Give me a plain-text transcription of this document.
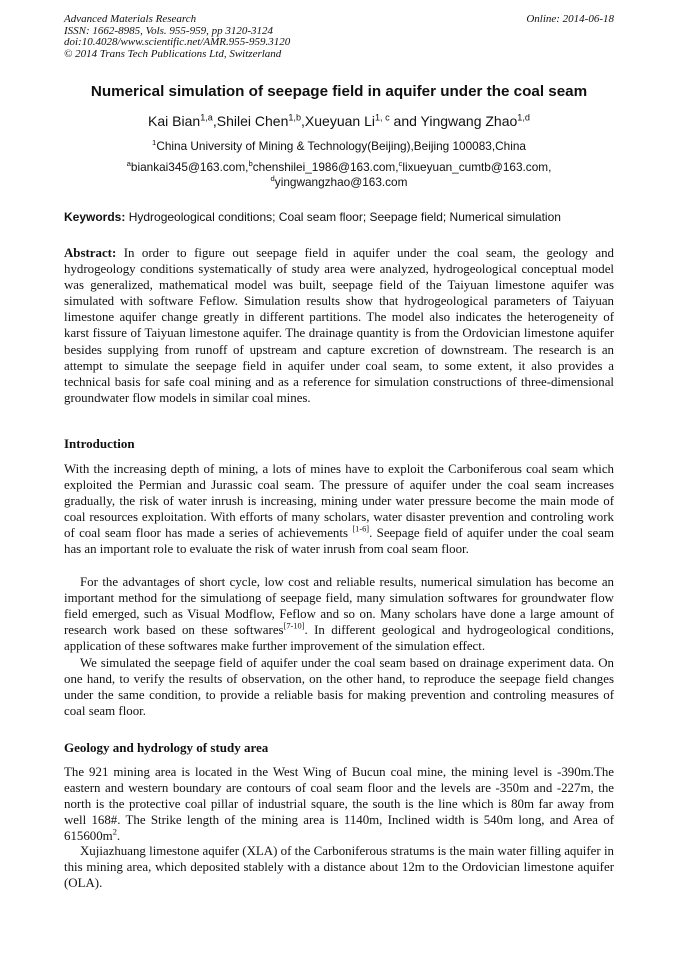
Advanced Materials Research
ISSN: 1662-8985, Vols. 955-959, pp 3120-3124
doi:10.4028/www.scientific.net/AMR.955-959.3120
© 2014 Trans Tech Publications Ltd, Switzerland
Online: 2014-06-18
Numerical simulation of seepage field in aquifer under the coal seam
Kai Bian$^{1,a}$,Shilei Chen$^{1,b}$,Xueyuan Li$^{1, c}$ and Yingwang Zhao$^{1,d}$
$^1$China University of Mining & Technology(Beijing),Beijing 100083,China
$^a$biankai345@163.com,$^b$chenshilei_1986@163.com,$^c$lixueyuan_cumtb@163.com,
$^d$yingwangzhao@163.com
Keywords: Hydrogeological conditions; Coal seam floor; Seepage field; Numerical simulation

Abstract: In order to figure out seepage field in aquifer under the coal seam, the geology and hydrogeology conditions systematically of study area were analyzed, hydrogeological conceptual model was generalized, mathematical model was built, seepage field of the Taiyuan limestone aquifer was simulated with software Feflow. Simulation results show that hydrogeological parameters of Taiyuan limestone aquifer change greatly in different partitions. The model also indicates the heterogeneity of karst fissure of Taiyuan limestone aquifer. The drainage quantity is from the Ordovician limestone aquifer besides supplying from runoff of upstream and capture excretion of downstream. The research is an attempt to simulate the seepage field in aquifer under coal seam, to some extent, it also provides a technical basis for safe coal mining and as a reference for simulation constructions of three-dimensional groundwater flow models in similar coal mines.

Introduction

With the increasing depth of mining, a lots of mines have to exploit the Carboniferous coal seam which exploited the Permian and Jurassic coal seam. The pressure of aquifer under the coal seam increases gradually, the risk of water inrush is increasing, mining under water pressure become the main mode of coal resources exploitation. With efforts of many scholars, water disaster prevention and controling work of coal seam floor has made a series of achievements [1-6]. Seepage field of aquifer under the coal seam has an important role to evaluate the risk of water inrush from coal seam floor.

For the advantages of short cycle, low cost and reliable results, numerical simulation has become an important method for the simulationg of seepage field, many simulation softwares for groundwater flow field emerged, such as Visual Modflow, Feflow and so on. Many scholars have done a large amount of research work based on these softwares[7-10]. In different geological and hydrogeological conditions, application of these softwares make further improvement of the simulation effect.

We simulated the seepage field of aquifer under the coal seam based on drainage experiment data. On one hand, to verify the results of observation, on the other hand, to reproduce the seepage field changes under the same condition, to provide a reliable basis for making prevention and controling measures of coal seam floor.

Geology and hydrology of study area

The 921 mining area is located in the West Wing of Bucun coal mine, the mining level is -390m.The eastern and western boundary are contours of coal seam floor and the levels are -350m and -227m, the north is the protective coal pillar of industrial square, the south is the line which is 80m far away from well 168#. The Strike length of the mining area is 1140m, Inclined width is 540m long, and Area of $615600m^2$.

Xujiazhuang limestone aquifer (XLA) of the Carboniferous stratums is the main water filling aquifer in this mining area, which deposited stablely with a distance about 12m to the Ordovician limestone aquifer (OLA).
